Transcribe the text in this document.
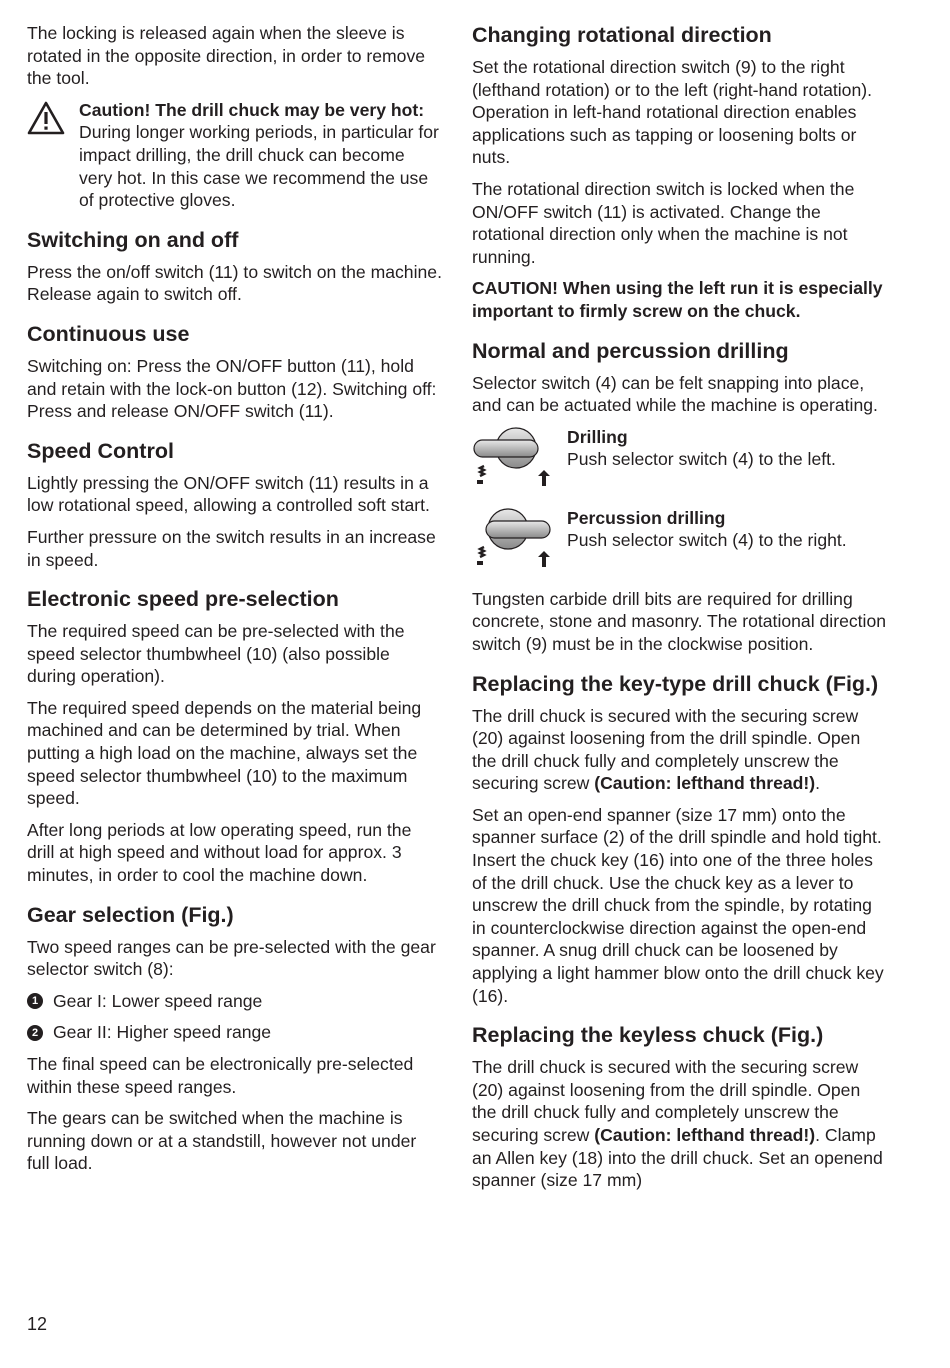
The locking is released again when the sleeve is rotated in the opposite direction, in order to remove the tool.

Caution! The drill chuck may be very hot:
During longer working periods, in particular for impact drilling, the drill chuck can become very hot. In this case we recommend the use of protective gloves.

Switching on and off

Press the on/off switch (11) to switch on the machine. Release again to switch off.

Continuous use

Switching on: Press the ON/OFF button (11), hold and retain with the lock-on button (12). Switching off: Press and release ON/OFF switch (11).

Speed Control

Lightly pressing the ON/OFF switch (11) results in a low rotational speed, allowing a controlled soft start.

Further pressure on the switch results in an increase in speed.

Electronic speed pre-selection

The required speed can be pre-selected with the speed selector thumbwheel (10) (also possible during operation).

The required speed depends on the material being machined and can be determined by trial. When putting a high load on the machine, always set the speed selector thumbwheel (10) to the maximum speed.

After long periods at low operating speed, run the drill at high speed and without load for approx. 3 minutes, in order to cool the machine down.

Gear selection (Fig.)

Two speed ranges can be pre-selected with the gear selector switch (8):

1 Gear I: Lower speed range
2 Gear II: Higher speed range

The final speed can be electronically pre-selected within these speed ranges.

The gears can be switched when the machine is running down or at a standstill, however not under full load.

Changing rotational direction

Set the rotational direction switch (9) to the right (lefthand rotation) or to the left (right-hand rotation). Operation in left-hand rotational direction enables applications such as tapping or loosening bolts or nuts.

The rotational direction switch is locked when the ON/OFF switch (11) is activated. Change the rotational direction only when the machine is not running.

CAUTION! When using the left run it is especially important to firmly screw on the chuck.

Normal and percussion drilling

Selector switch (4) can be felt snapping into place, and can be actuated while the machine is operating.

Drilling
Push selector switch (4) to the left.

Percussion drilling
Push selector switch (4) to the right.

Tungsten carbide drill bits are required for drilling concrete, stone and masonry. The rotational direction switch (9) must be in the clockwise position.

Replacing the key-type drill chuck (Fig.)

The drill chuck is secured with the securing screw (20) against loosening from the drill spindle. Open the drill chuck fully and completely unscrew the securing screw (Caution: lefthand thread!).

Set an open-end spanner (size 17 mm) onto the spanner surface (2) of the drill spindle and hold tight. Insert the chuck key (16) into one of the three holes of the drill chuck. Use the chuck key as a lever to unscrew the drill chuck from the spindle, by rotating in counterclockwise direction against the open-end spanner. A snug drill chuck can be loosened by applying a light hammer blow onto the drill chuck key (16).

Replacing the keyless chuck (Fig.)

The drill chuck is secured with the securing screw (20) against loosening from the drill spindle. Open the drill chuck fully and completely unscrew the securing screw (Caution: lefthand thread!). Clamp an Allen key (18) into the drill chuck. Set an openend spanner (size 17 mm)

12
